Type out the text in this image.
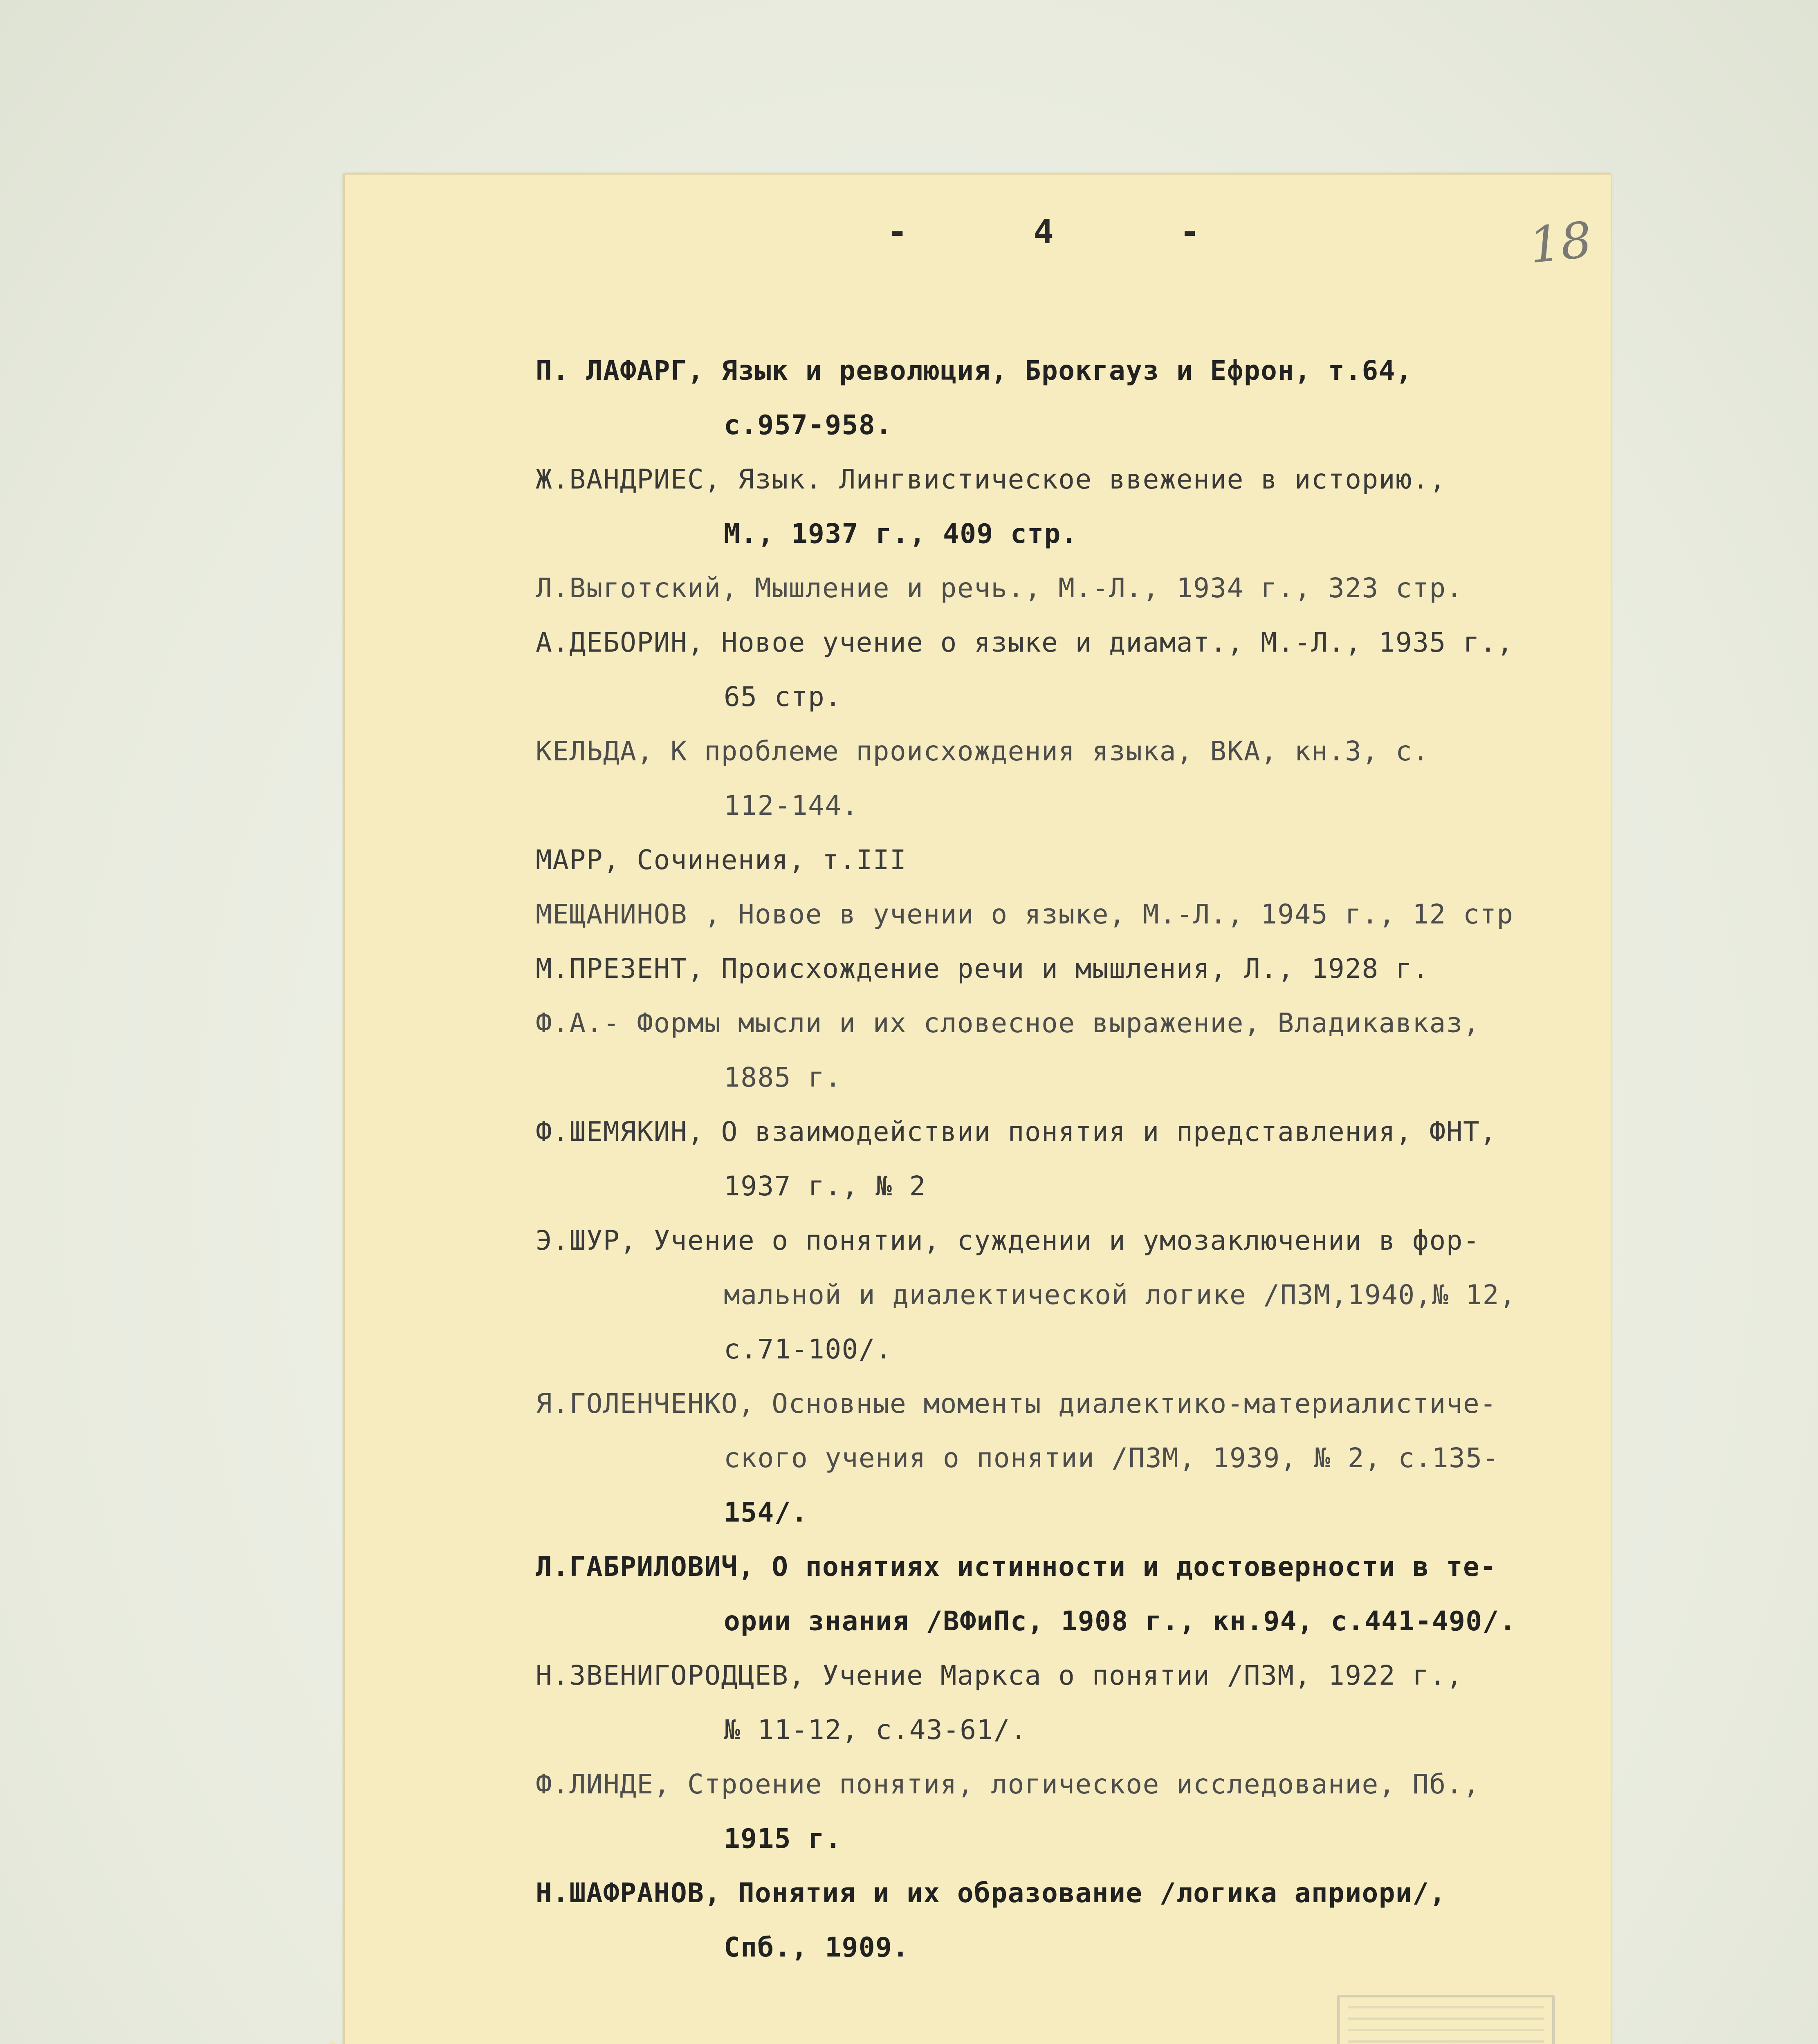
-   4   -	18
П. ЛАФАРГ, Язык и революция, Брокгауз и Ефрон, т.64,
с.957-958.
Ж.ВАНДРИЕС, Язык. Лингвистическое ввежение в историю.,
М., 1937 г., 409 стр.
Л.Выготский, Мышление и речь., М.-Л., 1934 г., 323 стр.
А.ДЕБОРИН, Новое учение о языке и диамат., М.-Л., 1935 г.,
65 стр.
КЕЛЬДА, К проблеме происхождения языка, ВКА, кн.3, с.
112-144.
МАРР, Сочинения, т.III
МЕЩАНИНОВ , Новое в учении о языке, М.-Л., 1945 г., 12 стр
М.ПРЕЗЕНТ, Происхождение речи и мышления, Л., 1928 г.
Ф.А.- Формы мысли и их словесное выражение, Владикавказ,
1885 г.
Ф.ШЕМЯКИН, О взаимодействии понятия и представления, ФНТ,
1937 г., № 2
Э.ШУР, Учение о понятии, суждении и умозаключении в фор-
мальной и диалектической логике /ПЗМ,1940,№ 12,
с.71-100/.
Я.ГОЛЕНЧЕНКО, Основные моменты диалектико-материалистиче-
ского учения о понятии /ПЗМ, 1939, № 2, с.135-
154/.
Л.ГАБРИЛОВИЧ, О понятиях истинности и достоверности в те-
ории знания /ВФиПс, 1908 г., кн.94, с.441-490/.
Н.ЗВЕНИГОРОДЦЕВ, Учение Маркса о понятии /ПЗМ, 1922 г.,
№ 11-12, с.43-61/.
Ф.ЛИНДЕ, Строение понятия, логическое исследование, Пб.,
1915 г.
Н.ШАФРАНОВ, Понятия и их образование /логика априори/,
Спб., 1909.
